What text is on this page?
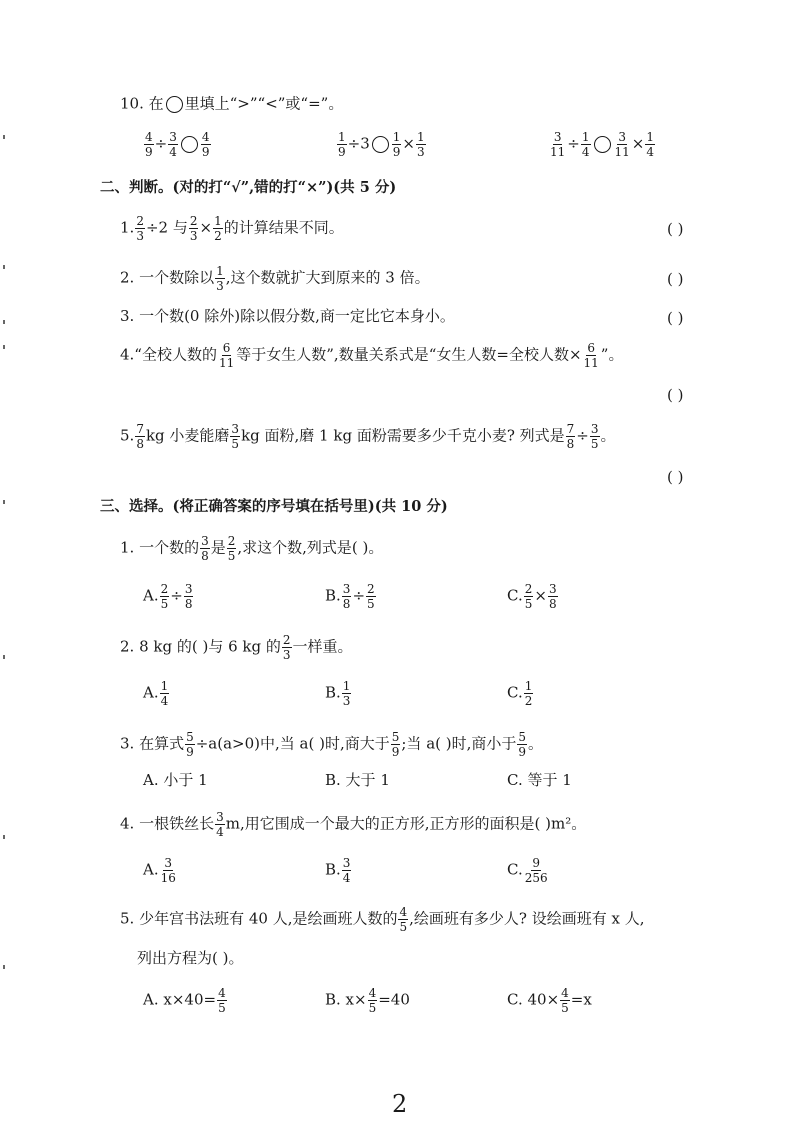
10. 在 里填上“>”“<”或“=”。
$\frac{4}{9} \div \frac{3}{4} \frac{4}{9}$	$\frac{1}{9} \div 3 \frac{1}{9} \times \frac{1}{3}$	$\frac{3}{11} \div \frac{1}{4} \frac{3}{11} \times \frac{1}{4}$
二、判断。(对的打“√”,错的打“×”)(共 5 分)
1. $\frac{2}{3} \div 2$ 与 $\frac{2}{3} \times \frac{1}{2}$ 的计算结果不同。	( )
2. 一个数除以 $\frac{1}{3}$ ,这个数就扩大到原来的 3 倍。	( )
3. 一个数(0 除外)除以假分数,商一定比它本身小。	( )
4.“全校人数的 $\frac{6}{11}$ 等于女生人数”,数量关系式是“女生人数=全校人数× $\frac{6}{11}$ ”。
( )
5. $\frac{7}{8}$ kg 小麦能磨 $\frac{3}{5}$ kg 面粉,磨 1 kg 面粉需要多少千克小麦? 列式是 $\frac{7}{8} \div \frac{3}{5}$ 。
( )
三、选择。(将正确答案的序号填在括号里)(共 10 分)
1. 一个数的 $\frac{3}{8}$ 是 $\frac{2}{5}$ ,求这个数,列式是( )。
A. $\frac{2}{5} \div \frac{3}{8}$	B. $\frac{3}{8} \div \frac{2}{5}$	C. $\frac{2}{5} \times \frac{3}{8}$
2. 8 kg 的( )与 6 kg 的 $\frac{2}{3}$ 一样重。
A. $\frac{1}{4}$	B. $\frac{1}{3}$	C. $\frac{1}{2}$
3. 在算式 $\frac{5}{9} \div a(a>0)$中,当 a( )时,商大于 $\frac{5}{9}$ ;当 a( )时,商小于 $\frac{5}{9}$ 。
A. 小于 1	B. 大于 1	C. 等于 1
4. 一根铁丝长 $\frac{3}{4} m$,用它围成一个最大的正方形,正方形的面积是( )m²。
A. $\frac{3}{16}$	B. $\frac{3}{4}$	C. $\frac{9}{256}$
5. 少年宫书法班有 40 人,是绘画班人数的 $\frac{4}{5}$ ,绘画班有多少人? 设绘画班有 x 人,
列出方程为( )。
A. $x\times 40= \frac{4}{5}$	B. $x\times \frac{4}{5} =40$	C. $40\times \frac{4}{5} =x$
2
